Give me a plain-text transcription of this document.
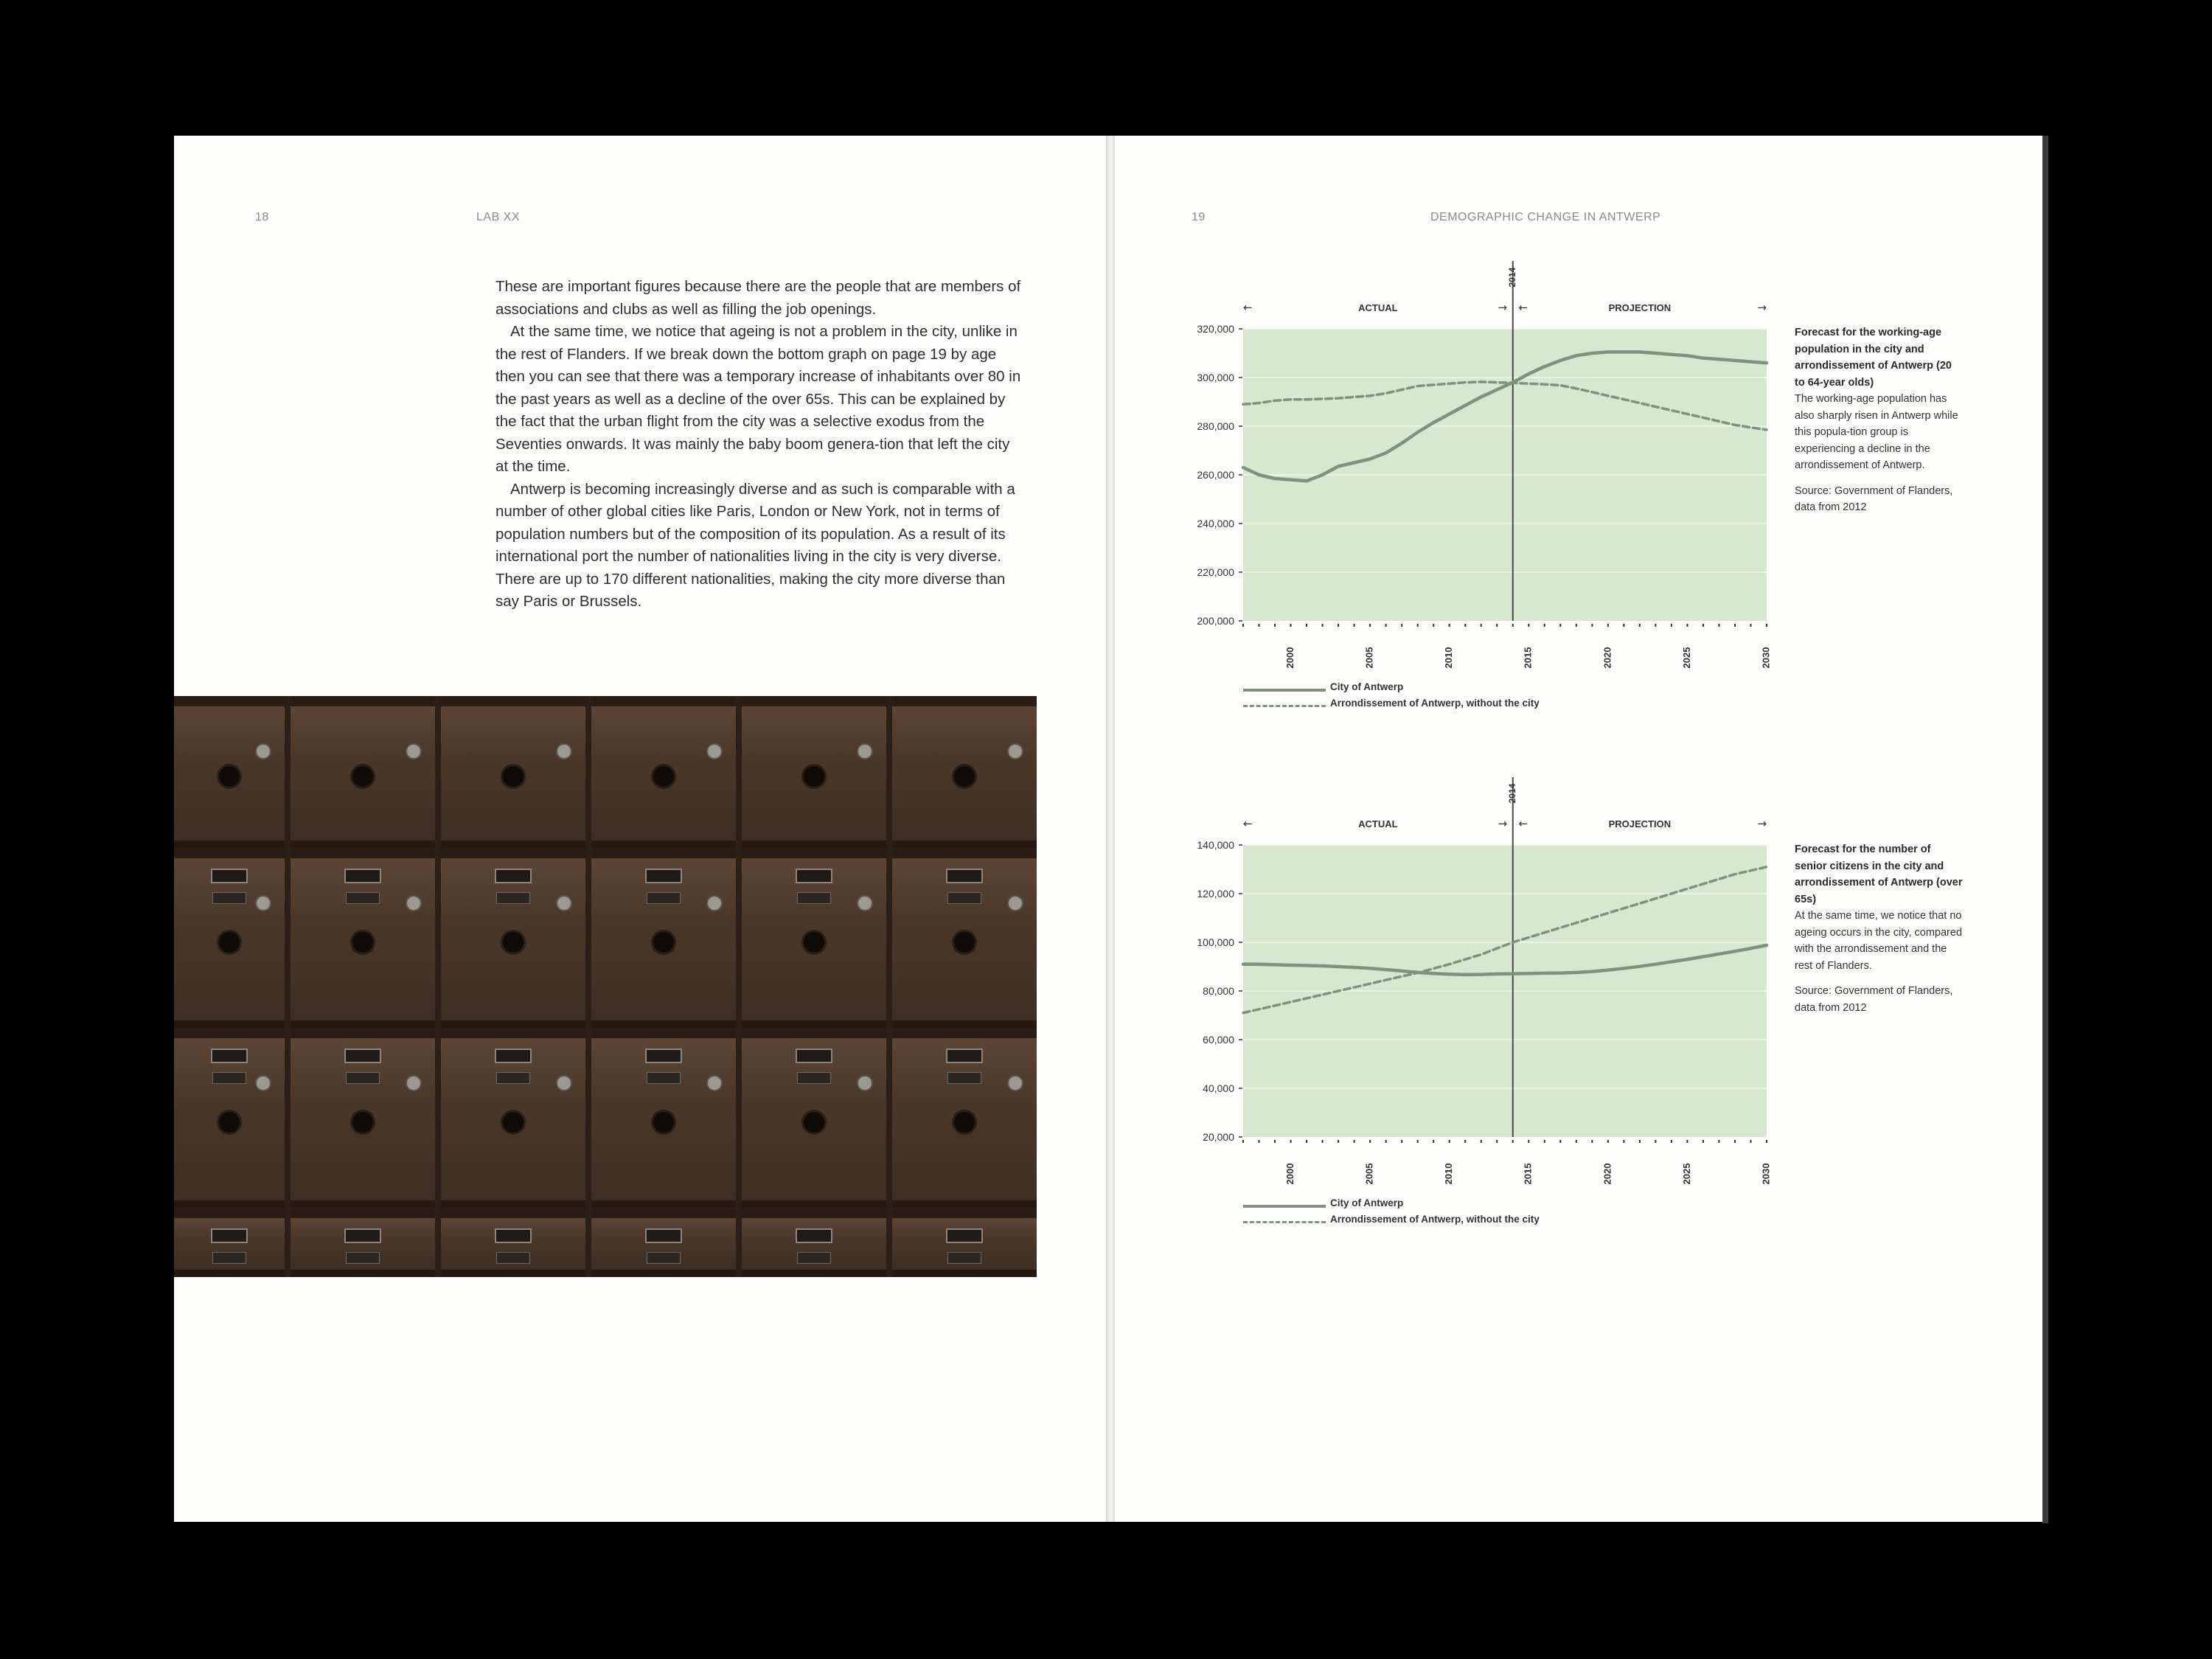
18	LAB XX

These are important figures because there are the people that are members of associations and clubs as well as filling the job openings.

At the same time, we notice that ageing is not a problem in the city, unlike in the rest of Flanders. If we break down the bottom graph on page 19 by age then you can see that there was a temporary increase of inhabitants over 80 in the past years as well as a decline of the over 65s. This can be explained by the fact that the urban flight from the city was a selective exodus from the Seventies onwards. It was mainly the baby boom genera-tion that left the city at the time.

Antwerp is becoming increasingly diverse and as such is comparable with a number of other global cities like Paris, London or New York, not in terms of population numbers but of the composition of its population. As a result of its international port the number of nationalities living in the city is very diverse. There are up to 170 different nationalities, making the city more diverse than say Paris or Brussels.

19	DEMOGRAPHIC CHANGE IN ANTWERP
200,000
220,000
240,000
260,000
280,000
300,000
320,000
2000	2005	2010	2015	2020	2025	2030
2014
←	→ ←	→
ACTUAL	PROJECTION
20,000
40,000
60,000
80,000
100,000
120,000
140,000
2000	2005	2010	2015	2020	2025	2030
2014
←	→ ←	→
ACTUAL	PROJECTION
City of Antwerp
Arrondissement of Antwerp, without the city
City of Antwerp
Arrondissement of Antwerp, without the city
Forecast for the working-age population in the city and arrondissement of Antwerp (20 to 64-year olds)
The working-age population has also sharply risen in Antwerp while this popula-tion group is experiencing a decline in the arrondissement of Antwerp.
Source: Government of Flanders, data from 2012
Forecast for the number of senior citizens in the city and arrondissement of Antwerp (over 65s)
At the same time, we notice that no ageing occurs in the city, compared with the arrondissement and the rest of Flanders.
Source: Government of Flanders, data from 2012
